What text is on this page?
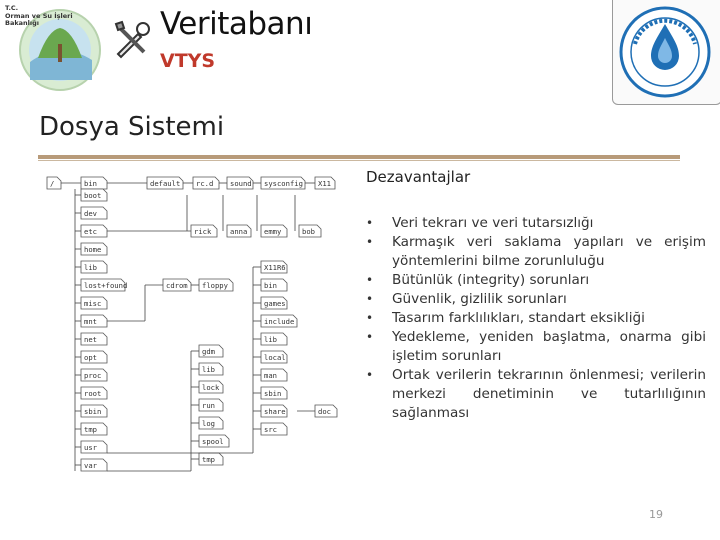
T.C.
Orman ve Su İşleri
Bakanlığı	Veritabanı
VTYS
Dosya Sistemi
/	bin	default rc.d sound sysconfig X11
boot
dev
etc
home
lib
lost+found
misc
mnt
net
opt
proc
root
sbin
tmp
usr
var
rick	anna emmy	bob
cdrom floppy
gdm
lib
lock
run
log
spool
tmp
X11R6
bin
games
include
lib
local
man
sbin
share
src
doc
Dezavantajlar
• Veri tekrarı ve veri tutarsızlığı
• Karmaşık veri saklama yapıları ve erişim yöntemlerini bilme zorunluluğu
• Bütünlük (integrity) sorunları
• Güvenlik, gizlilik sorunları
• Tasarım farklılıkları, standart eksikliği
• Yedekleme, yeniden başlatma, onarma gibi işletim sorunları
• Ortak verilerin tekrarının önlenmesi; verilerin merkezi denetiminin ve tutarlılığının sağlanması
19
